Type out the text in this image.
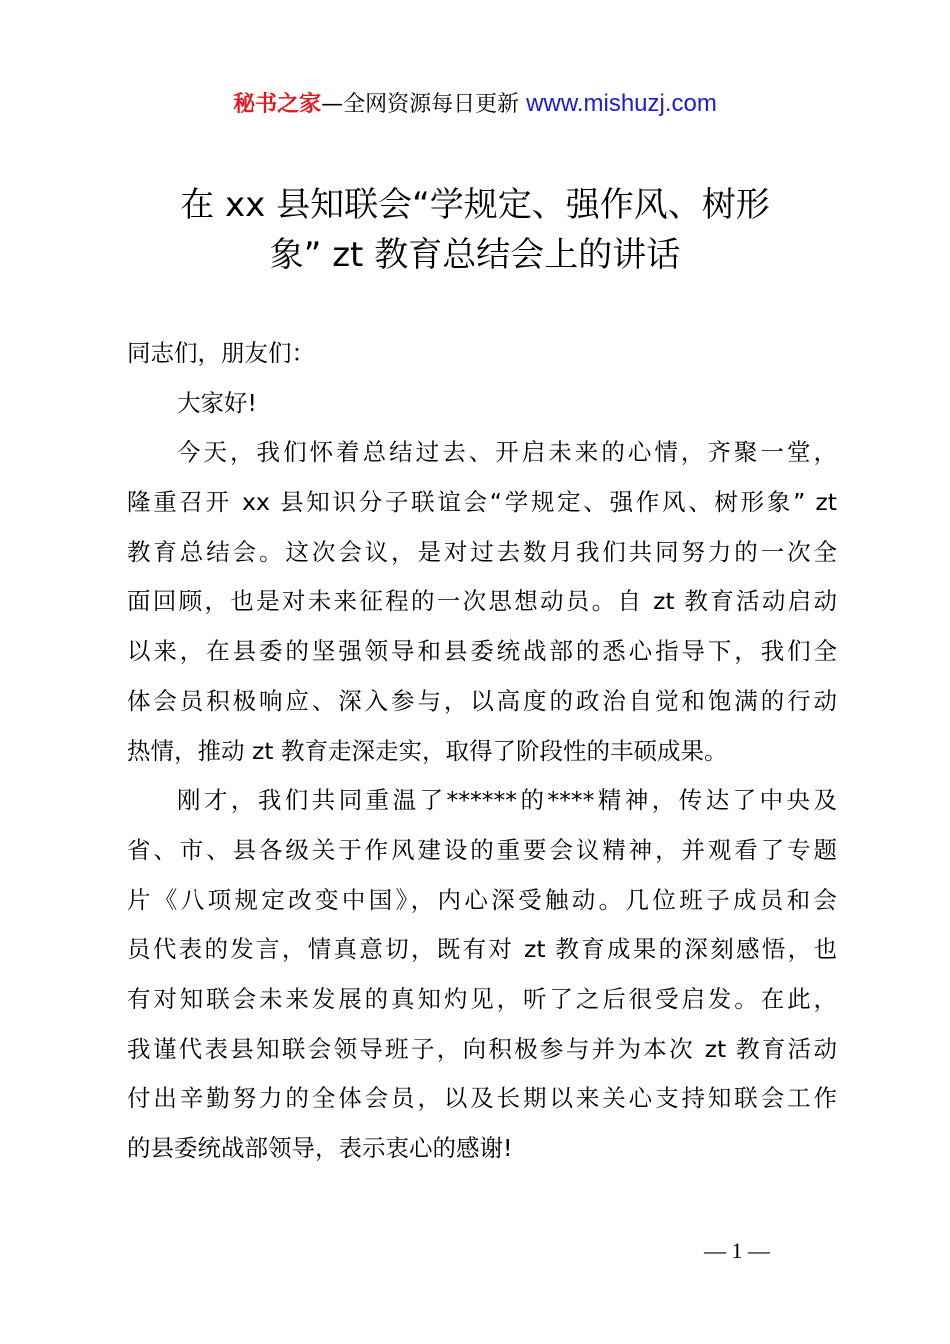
秘书之家—全网资源每日更新 www.mishuzj.com
在 xx 县知联会“学规定、强作风、树形
象” zt 教育总结会上的讲话
同志们，朋友们：
大家好!
今天，我们怀着总结过去、开启未来的心情，齐聚一堂，
隆重召开 xx 县知识分子联谊会“学规定、强作风、树形象” zt
教育总结会。这次会议，是对过去数月我们共同努力的一次全
面回顾，也是对未来征程的一次思想动员。自 zt 教育活动启动
以来，在县委的坚强领导和县委统战部的悉心指导下，我们全
体会员积极响应、深入参与，以高度的政治自觉和饱满的行动
热情，推动 zt 教育走深走实，取得了阶段性的丰硕成果。
刚才，我们共同重温了******的****精神，传达了中央及
省、市、县各级关于作风建设的重要会议精神，并观看了专题
片《八项规定改变中国》，内心深受触动。几位班子成员和会
员代表的发言，情真意切，既有对 zt 教育成果的深刻感悟，也
有对知联会未来发展的真知灼见，听了之后很受启发。在此，
我谨代表县知联会领导班子，向积极参与并为本次 zt 教育活动
付出辛勤努力的全体会员，以及长期以来关心支持知联会工作
的县委统战部领导，表示衷心的感谢!
— 1 —
